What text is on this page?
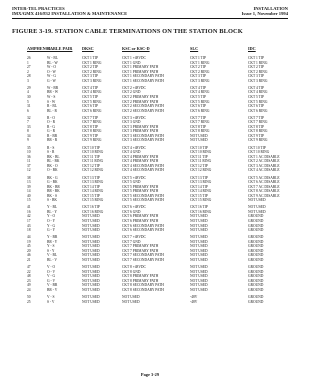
INTER-TEL PRACTICES
IMX/GMX 416/832 INSTALLATION & MAINTENANCE
INSTALLATION
Issue 1, November 1994
FIGURE 3-19. STATION CABLE TERMINATIONS ON THE STATION BLOCK
AMPHENOL
CABLE PAIR DKSC	KSC or KSC-D	SLC	IDC
26	W - BL	CKT 1 TIP	CKT 1 +48VDC	CKT 1 TIP	CKT 1 TIP
1	BL - W	CKT 1 RING	CKT 1 GND	CKT 1 RING	CKT 1 RING
27	W - O	CKT 2 TIP	CKT 1 PRIMARY PATH	CKT 2 TIP	CKT 2 TIP
2	O - W	CKT 2 RING	CKT 1 PRIMARY PATH	CKT 2 RING	CKT 2 RING
28	W - G	CKT 3 TIP	CKT 1 SECONDARY PATH	CKT 3 TIP	CKT 3 TIP
3	G - W	CKT 3 RING	CKT 1 SECONDARY PATH	CKT 3 RING	CKT 3 RING
29	W - BR	CKT 4 TIP	CKT 2 +48VDC	CKT 4 TIP	CKT 4 TIP
4	BR - W	CKT 4 RING	CKT 2 GND	CKT 4 RING	CKT 4 RING
30	W - S	CKT 5 TIP	CKT 2 PRIMARY PATH	CKT 5 TIP	CKT 5 TIP
5	S - W	CKT 5 RING	CKT 2 PRIMARY PATH	CKT 5 RING	CKT 5 RING
31	R - BL	CKT 6 TIP	CKT 2 SECONDARY PATH	CKT 6 TIP	CKT 6 TIP
6	BL - R	CKT 6 RING	CKT 2 SECONDARY PATH	CKT 6 RING	CKT 6 RING
32	R - O	CKT 7 TIP	CKT 3 +48VDC	CKT 7 TIP	CKT 7 TIP
7	O - R	CKT 7 RING	CKT 3 GND	CKT 7 RING	CKT 7 RING
33	R - G	CKT 8 TIP	CKT 3 PRIMARY PATH	CKT 8 TIP	CKT 8 TIP
8	G - R	CKT 8 RING	CKT 3 PRIMARY PATH	CKT 8 RING	CKT 8 RING
34	R - BR	CKT 9 TIP	CKT 3 SECONDARY PATH	NOT USED	CKT 9 TIP
9	BR - R	CKT 9 RING	CKT 3 SECONDARY PATH	NOT USED	CKT 9 RING
35	R - S	CKT 10 TIP	CKT 4 +48VDC	CKT 10 TIP	CKT 10 TIP
10	S - R	CKT 10 RING	CKT 4 GND	CKT 10 RING	CKT 10 RING
36	BK - BL	CKT 11 TIP	CKT 4 PRIMARY PATH	CKT 11 TIP	CKT 1 AC DISABLE
11	BL - BK	CKT 11 RING	CKT 4 PRIMARY PATH	CKT 11 RING	CKT 2 AC DISABLE
37	BK - O	CKT 12 TIP	CKT 4 SECONDARY PATH	CKT 12 TIP	CKT 3 AC DISABLE
12	O - BK	CKT 12 RING	CKT 4 SECONDARY PATH	CKT 12 RING	CKT 4 AC DISABLE
38	BK - G	CKT 13 TIP	CKT 5 +48VDC	CKT 13 TIP	CKT 5 AC DISABLE
13	G - BK	CKT 13 RING	CKT 5 GND	CKT 13 RING	CKT 6 AC DISABLE
39	BK - BR	CKT 14 TIP	CKT 5 PRIMARY PATH	CKT 14 TIP	CKT 7 AC DISABLE
14	BR - BK	CKT 14 RING	CKT 5 PRIMARY PATH	CKT 14 RING	CKT 8 AC DISABLE
40	BK - S	CKT 15 TIP	CKT 5 SECONDARY PATH	CKT 15 TIP	CKT 9 AC DISABLE
15	S - BK	CKT 15 RING	CKT 5 SECONDARY PATH	CKT 15 RING	NOT USED
41	Y - BL	CKT 16 TIP	CKT 6 +48VDC	CKT 16 TIP	NOT USED
16	BL - Y	CKT 16 RING	CKT 6 GND	CKT 16 RING	NOT USED
42	Y - O	NOT USED	CKT 6 PRIMARY PATH	NOT USED	GROUND
17	O - Y	NOT USED	CKT 6 PRIMARY PATH	NOT USED	GROUND
43	Y - G	NOT USED	CKT 6 SECONDARY PATH	NOT USED	GROUND
18	G - Y	NOT USED	CKT 6 SECONDARY PATH	NOT USED	GROUND
44	Y - BR	NOT USED	CKT 7 +48VDC	NOT USED	GROUND
19	BR - Y	NOT USED	CKT 7 GND	NOT USED	GROUND
45	Y - S	NOT USED	CKT 7 PRIMARY PATH	NOT USED	GROUND
20	S - Y	NOT USED	CKT 7 PRIMARY PATH	NOT USED	GROUND
46	V - BL	NOT USED	CKT 7 SECONDARY PATH	NOT USED	GROUND
21	BL - V	NOT USED	CKT 7 SECONDARY PATH	NOT USED	GROUND
47	V - O	NOT USED	CKT 8 +48VDC	NOT USED	GROUND
22	O - V	NOT USED	CKT 8 GND	NOT USED	GROUND
48	V - G	NOT USED	CKT 8 PRIMARY PATH	NOT USED	GROUND
23	G - V	NOT USED	CKT 8 PRIMARY PATH	NOT USED	GROUND
49	V - BR	NOT USED	CKT 8 SECONDARY PATH	NOT USED	GROUND
24	BR - V	NOT USED	CKT 8 SECONDARY PATH	NOT USED	GROUND
50	V - S	NOT USED	NOT USED	-48V	GROUND
25	S - V	NOT USED	NOT USED	-48V	GROUND
Page 3-29
